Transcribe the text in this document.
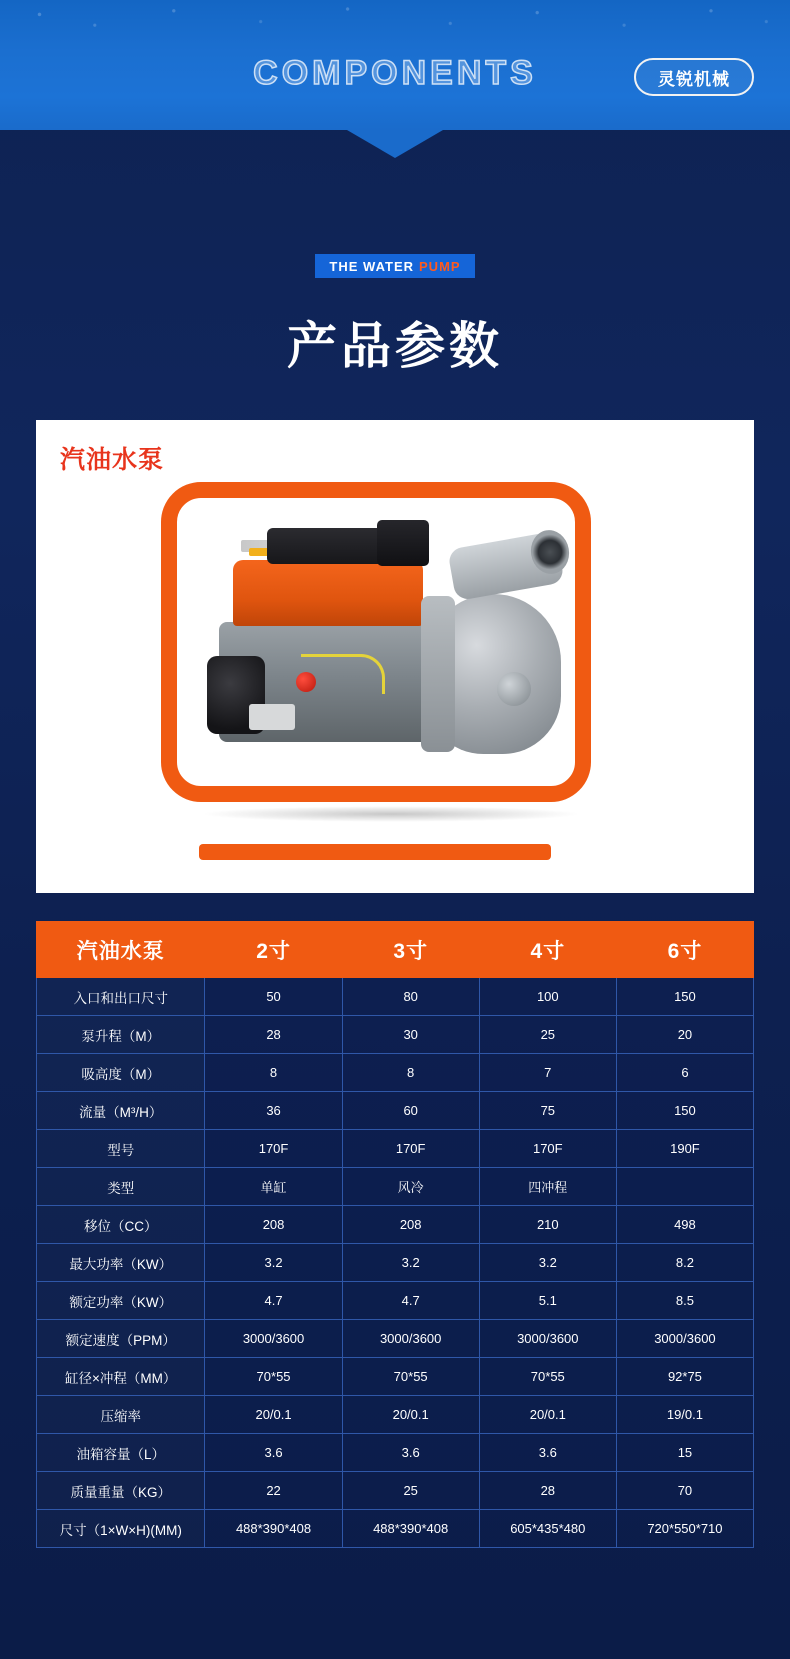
COMPONENTS	灵锐机械
THE WATER PUMP
产品参数
汽油水泵
汽油水泵	2寸	3寸	4寸	6寸
入口和出口尺寸	50	80	100	150
泵升程（M）	28	30	25	20
吸高度（M）	8	8	7	6
流量（M³/H）	36	60	75	150
型号	170F	170F	170F	190F
类型	单缸	风冷	四冲程	
移位（CC）	208	208	210	498
最大功率（KW）	3.2	3.2	3.2	8.2
额定功率（KW）	4.7	4.7	5.1	8.5
额定速度（PPM）	3000/3600	3000/3600	3000/3600	3000/3600
缸径×冲程（MM）	70*55	70*55	70*55	92*75
压缩率	20/0.1	20/0.1	20/0.1	19/0.1
油箱容量（L）	3.6	3.6	3.6	15
质量重量（KG）	22	25	28	70
尺寸（1×W×H)(MM)	488*390*408	488*390*408	605*435*480	720*550*710
